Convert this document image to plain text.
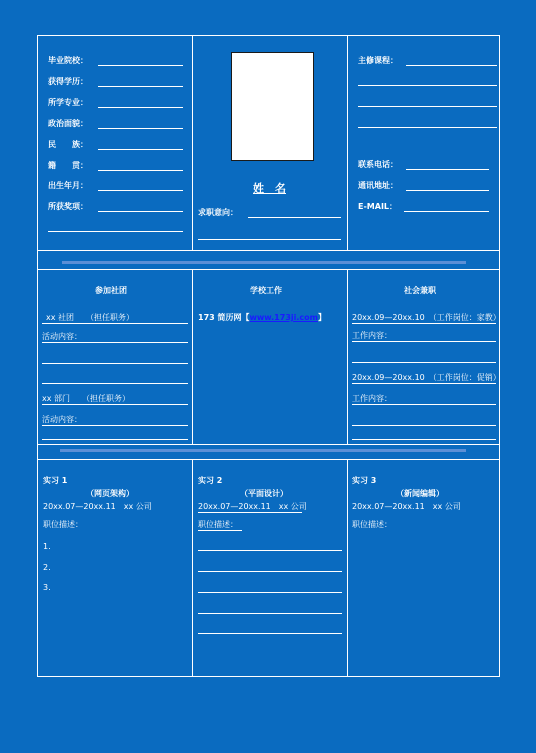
毕业院校：
获得学历：
所学专业：
政治面貌：
民　　族：
籍　　贯：
出生年月：
所获奖项：
姓　名
求职意向：
主修课程：
联系电话：
通讯地址：
E-MAIL：
参加社团
xx 社团　　（担任职务）
活动内容：
xx 部门　　（担任职务）
活动内容：
学校工作
173 简历网【www.173ji.com】
社会兼职
20xx.09—20xx.10　（工作岗位：家教）
工作内容：
20xx.09—20xx.10　（工作岗位：促销）
工作内容：
实习 1
（网页架构）
20xx.07—20xx.11　xx 公司
职位描述：
1.
2.
3.
实习 2
（平面设计）
20xx.07—20xx.11　xx 公司
职位描述：
实习 3
（新闻编辑）
20xx.07—20xx.11　xx 公司
职位描述：
